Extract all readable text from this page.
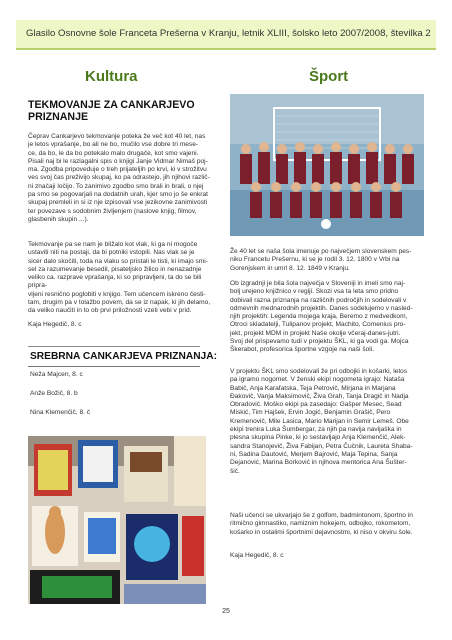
Glasilo Osnovne šole Franceta Prešerna v Kranju, letnik XLIII, šolsko leto 2007/2008, številka 2
Kultura	Šport
TEKMOVANJE ZA CANKARJEVO
PRIZNANJE

Čeprav Cankarjevo tekmovanje poteka že več kot 40 let, nas
je letos vprašanje, bo ali ne bo, mučilo vse dobre tri mese-
ce, da bo, le da bo potekalo malo drugače, kot smo vajeni.
Pisali naj bi le razlagalni spis o knjigi Janje Vidmar Nimaš poj-
ma. Zgodba pripoveduje o treh prijateljih po krvi, ki v strožitvu
ves svoj čas preživijo skupaj, ko pa odrastejo, jih njihovi različ-
ni značaji ločijo. To zanimivo zgodbo smo brali in brali, o njej
pa smo se pogovarjali na dodatnih urah, kjer smo jo še enkrat
skupaj premleli in si iz nje izpisovali vse jezikovne zanimivosti
ter povezave s sodobnim življenjem (naslove knjig, filmov,
glasbenih skupin ...).

Tekmovanje pa se nam je bližalo kot vlak, ki ga ni mogoče
ustaviti niti na postaji, da bi potniki vstopili. Nas vlak se je
sicer dalo skočiti, toda na vlaku so pristali le tisti, ki imajo smi-
sel za razumevanje besedil, pisateljsko žilico in nenazadnje
veliko ca. razprave vprašanja, ki so pripravljeni, ta do se bili pripra-
vljeni resnično poglobiti v knjigo. Tem učencem iskreno česti-
tam, drugim pa v tolažbo povem, da se iz napak, ki jih delamo,
da veliko naučiti in to ob prvi priložnosti vzeti vebi v prid.

Kaja Hegedič, 8. c
SREBRNA CANKARJEVA PRIZNANJA:
Neža Majcen, 8. c
Anže Božič, 8. b
Nina Klemenčič, 8. č

Že 40 let se naša šola imenuje po največjem slovenskem pes-
niku Francetu Prešernu, ki se je rodil 3. 12. 1800 v Vrbi na
Gorenjskem in umrl 8. 12. 1849 v Kranju.

Ob izgradnji je bila šola največja v Sloveniji in imeli smo naj-
bolj urejeno knjižnico v regiji. Skozi vsa ta leta smo pridno
dobivali razna priznanja na različnih področjih in sodelovali v
odmevnih mednarodnih projektih. Danes sodelujemo v nasled-
njih projektih: Legenda mojega kraja, Beremo z medvedkom,
Otroci skladatelji, Tulipanov projekt, Machito, Comenius pro-
jekt, projekt MDM in projekt Naše okolje včeraj-danes-jutri.
Svoj del prispevamo tudi v projektu ŠKL, ki ga vodi ga. Mojca
Škerabot, profesorica športne vzgoje na naši šoli.

V projektu ŠKL smo sodelovali že pri odbojki in košarki, letos
pa igramo nogomet. V ženski ekipi nogometa igrajo: Nataša
Babič, Anja Karafatska, Teja Petrovič, Mirjana in Marjana
Đakovič, Vanja Maksimovič, Živa Grah, Tanja Dragič in Nadja
Obradovič. Moško ekipi pa zasedajo: Gašper Mesec, Sead
Miskić, Tim Hajšek, Ervin Jogić, Benjamin Grašič, Pero
Kremenovič, Mile Lasica, Mario Marijan in Semir Lemeš. Obe
ekipi trenira Luka Šumbergar, za njih pa navija navijaška in
plesna skupina Pinke, ki jo sestavljajo Anja Klemenčič, Alek-
sandra Stanojevič, Živa Fabijan, Petra Čučnik, Laureta Shaba-
ni, Sadina Dautović, Merjem Bajrović, Maja Tepina, Sanja
Dejanović, Marina Borković in njihova mentorica Ana Šušter-
šič.

Naši učenci se ukvarjajo še z golfom, badmintonom, športno in
ritmično gimnastiko, namiznim hokejem, odbojko, rokometom,
košarko in ostalimi športnimi dejavnostmi, ki niso v okviru šole.

Kaja Hegedič, 8. c
25
